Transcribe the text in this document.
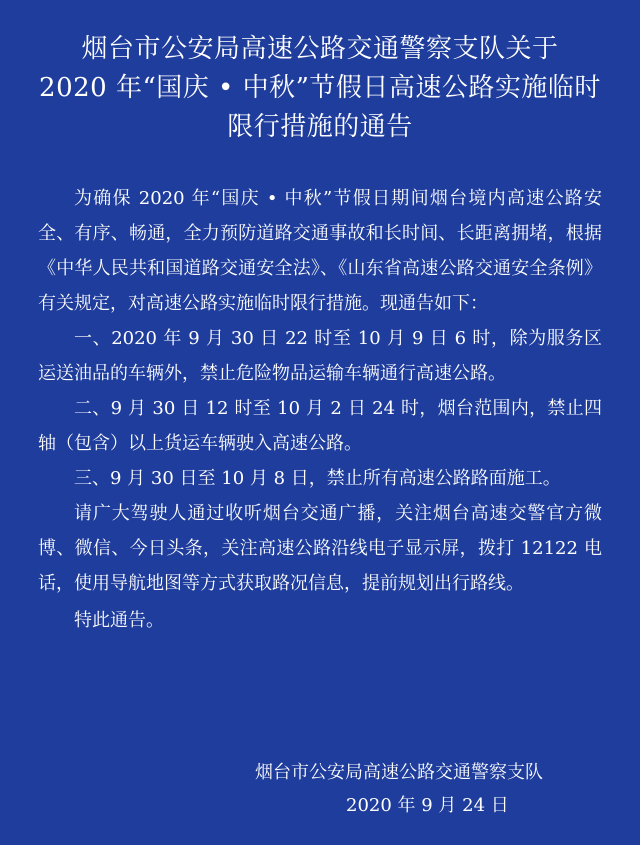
烟台市公安局高速公路交通警察支队关于
2020 年“国庆 • 中秋”节假日高速公路实施临时
限行措施的通告

为确保 2020 年“国庆 • 中秋”节假日期间烟台境内高速公路安全、有序、畅通，全力预防道路交通事故和长时间、长距离拥堵，根据《中华人民共和国道路交通安全法》、《山东省高速公路交通安全条例》有关规定，对高速公路实施临时限行措施。现通告如下：

一、2020 年 9 月 30 日 22 时至 10 月 9 日 6 时，除为服务区运送油品的车辆外，禁止危险物品运输车辆通行高速公路。

二、9 月 30 日 12 时至 10 月 2 日 24 时，烟台范围内，禁止四轴（包含）以上货运车辆驶入高速公路。

三、9 月 30 日至 10 月 8 日，禁止所有高速公路路面施工。

请广大驾驶人通过收听烟台交通广播，关注烟台高速交警官方微博、微信、今日头条，关注高速公路沿线电子显示屏，拨打 12122 电话，使用导航地图等方式获取路况信息，提前规划出行路线。

特此通告。

烟台市公安局高速公路交通警察支队
2020 年 9 月 24 日
